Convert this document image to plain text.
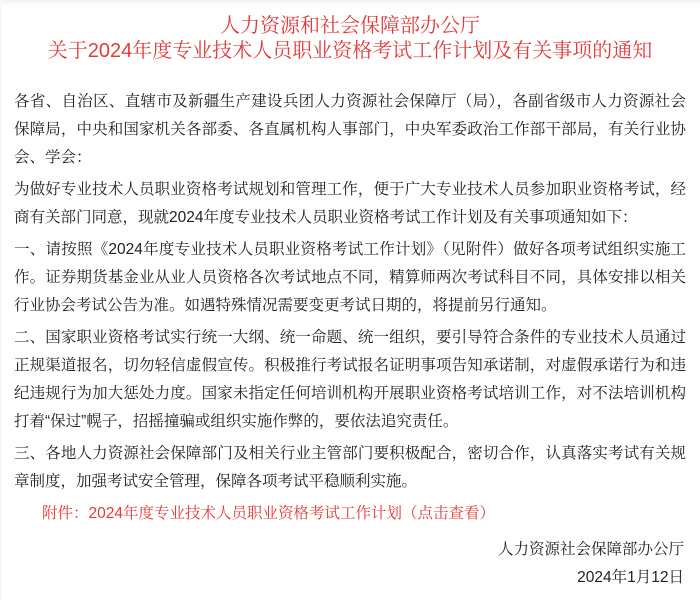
人力资源和社会保障部办公厅
关于2024年度专业技术人员职业资格考试工作计划及有关事项的通知

各省、自治区、直辖市及新疆生产建设兵团人力资源社会保障厅（局），各副省级市人力资源社会保障局，中央和国家机关各部委、各直属机构人事部门，中央军委政治工作部干部局，有关行业协会、学会：

为做好专业技术人员职业资格考试规划和管理工作，便于广大专业技术人员参加职业资格考试，经商有关部门同意，现就2024年度专业技术人员职业资格考试工作计划及有关事项通知如下：

一、请按照《2024年度专业技术人员职业资格考试工作计划》（见附件）做好各项考试组织实施工作。证券期货基金业从业人员资格各次考试地点不同，精算师两次考试科目不同，具体安排以相关行业协会考试公告为准。如遇特殊情况需要变更考试日期的，将提前另行通知。

二、国家职业资格考试实行统一大纲、统一命题、统一组织，要引导符合条件的专业技术人员通过正规渠道报名，切勿轻信虚假宣传。积极推行考试报名证明事项告知承诺制，对虚假承诺行为和违纪违规行为加大惩处力度。国家未指定任何培训机构开展职业资格考试培训工作，对不法培训机构打着“保过”幌子，招摇撞骗或组织实施作弊的，要依法追究责任。

三、各地人力资源社会保障部门及相关行业主管部门要积极配合，密切合作，认真落实考试有关规章制度，加强考试安全管理，保障各项考试平稳顺利实施。

附件：2024年度专业技术人员职业资格考试工作计划（点击查看）

人力资源社会保障部办公厅
2024年1月12日
